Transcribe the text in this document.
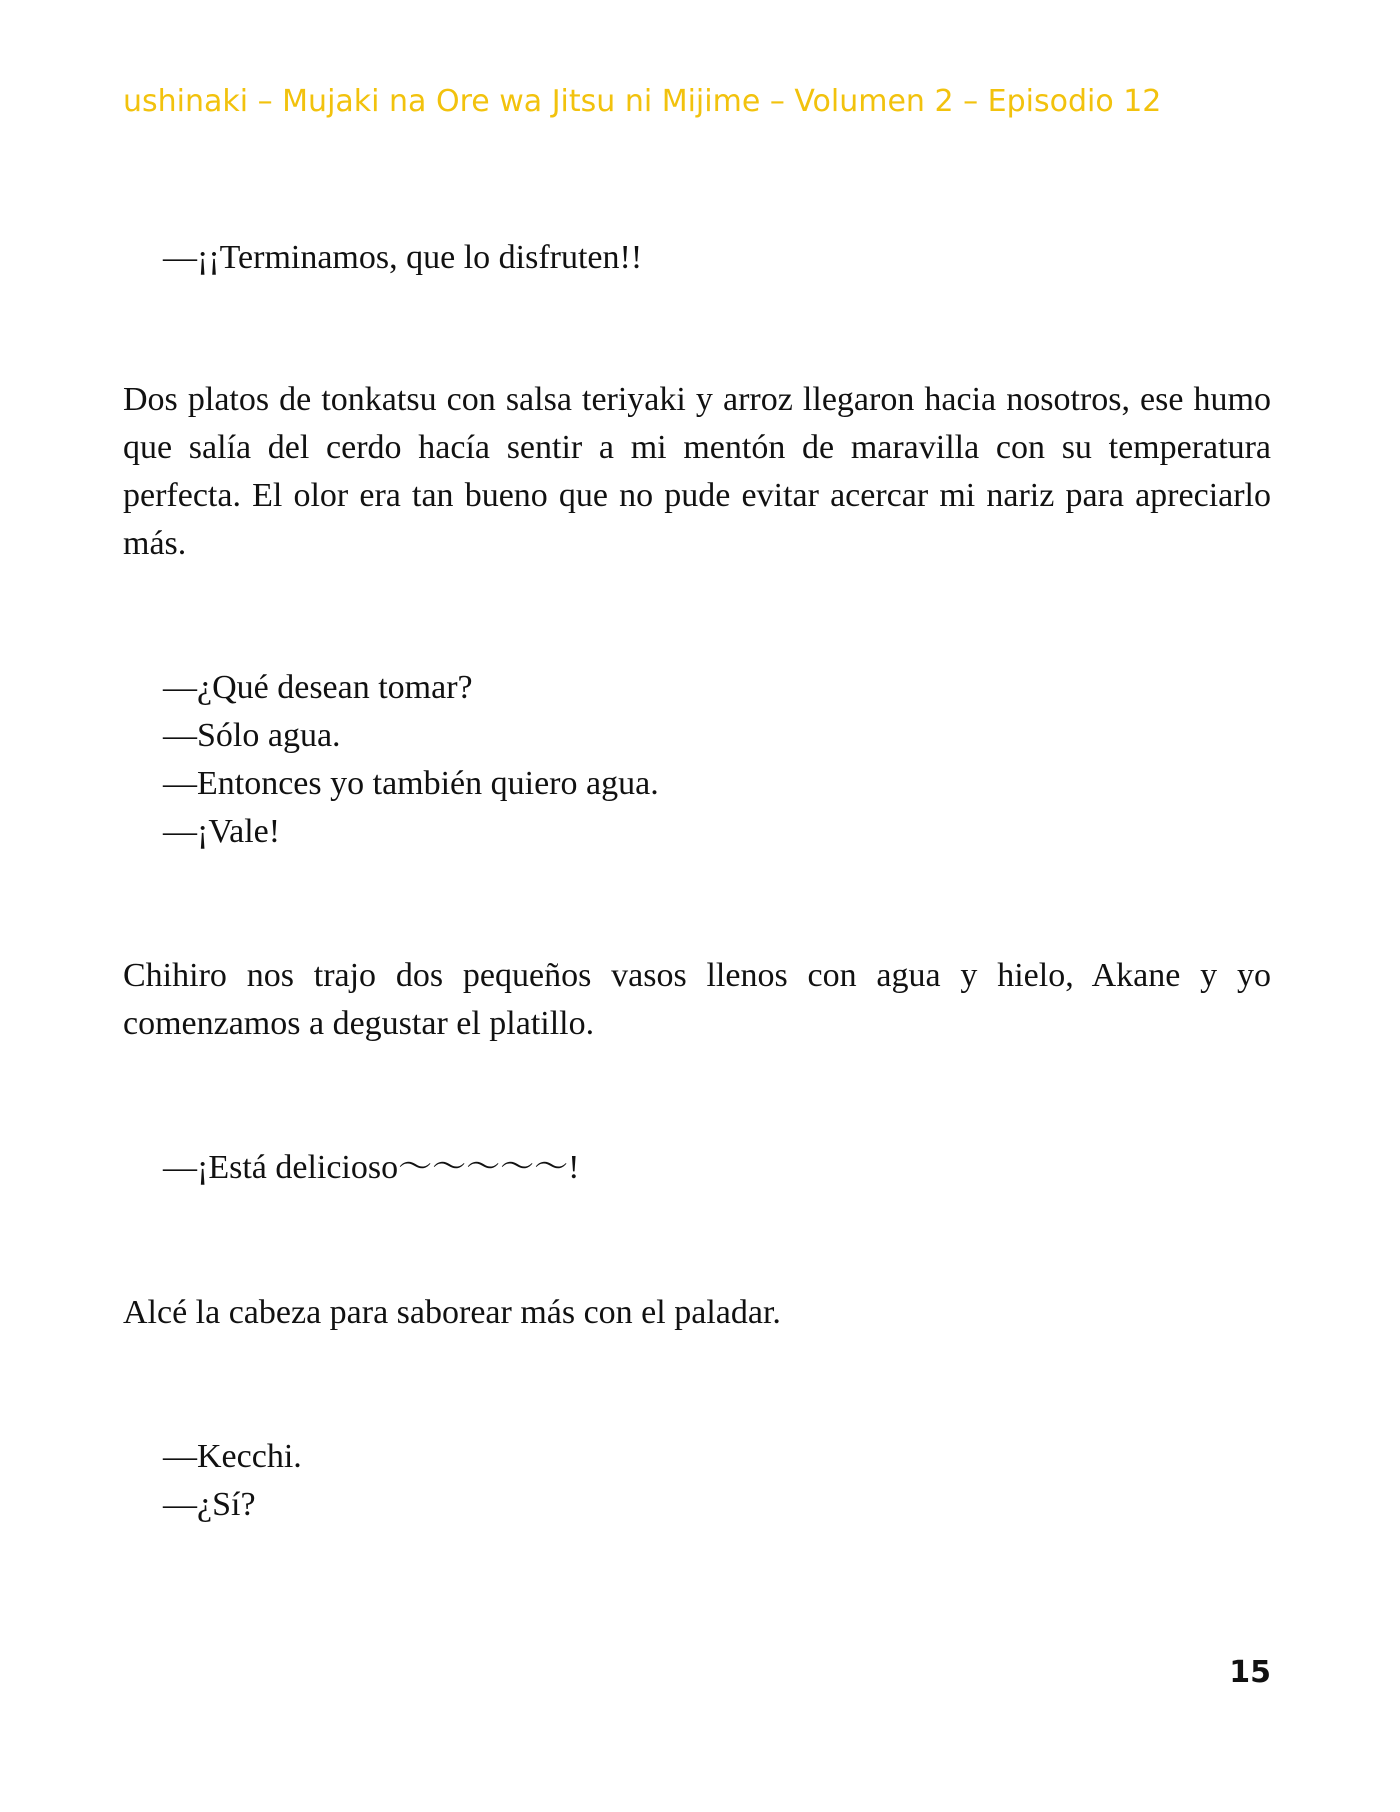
ushinaki – Mujaki na Ore wa Jitsu ni Mijime – Volumen 2 – Episodio 12
—¡¡Terminamos, que lo disfruten!!
Dos platos de tonkatsu con salsa teriyaki y arroz llegaron hacia nosotros, ese humo que salía del cerdo hacía sentir a mi mentón de maravilla con su temperatura perfecta. El olor era tan bueno que no pude evitar acercar mi nariz para apreciarlo más.
—¿Qué desean tomar?
—Sólo agua.
—Entonces yo también quiero agua.
—¡Vale!
Chihiro nos trajo dos pequeños vasos llenos con agua y hielo, Akane y yo comenzamos a degustar el platillo.
—¡Está delicioso～～～～～!
Alcé la cabeza para saborear más con el paladar.
—Kecchi.
—¿Sí?
15
